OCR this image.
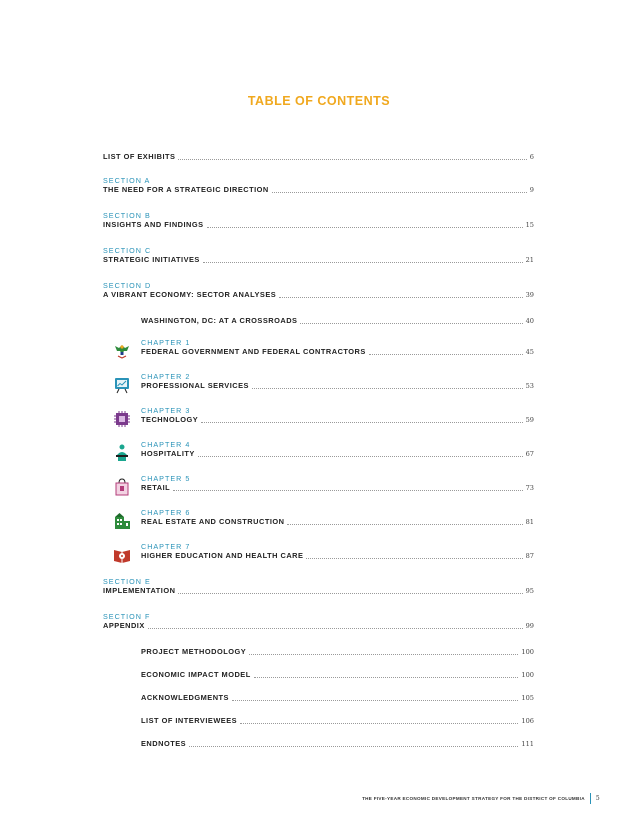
TABLE OF CONTENTS
LIST OF EXHIBITS	6
SECTION A
THE NEED FOR A STRATEGIC DIRECTION	9
SECTION B
INSIGHTS AND FINDINGS	15
SECTION C
STRATEGIC INITIATIVES	21
SECTION D
A VIBRANT ECONOMY: SECTOR ANALYSES	39
WASHINGTON, DC: AT A CROSSROADS	40
CHAPTER 1
FEDERAL GOVERNMENT AND FEDERAL CONTRACTORS	45
CHAPTER 2
PROFESSIONAL SERVICES	53
CHAPTER 3
TECHNOLOGY	59
CHAPTER 4
HOSPITALITY	67
CHAPTER 5
RETAIL	73
CHAPTER 6
REAL ESTATE AND CONSTRUCTION	81
CHAPTER 7
HIGHER EDUCATION AND HEALTH CARE	87
SECTION E
IMPLEMENTATION	95
SECTION F
APPENDIX	99
PROJECT METHODOLOGY	100
ECONOMIC IMPACT MODEL	100
ACKNOWLEDGMENTS	105
LIST OF INTERVIEWEES	106
ENDNOTES	111
THE FIVE-YEAR ECONOMIC DEVELOPMENT STRATEGY FOR THE DISTRICT OF COLUMBIA 5
